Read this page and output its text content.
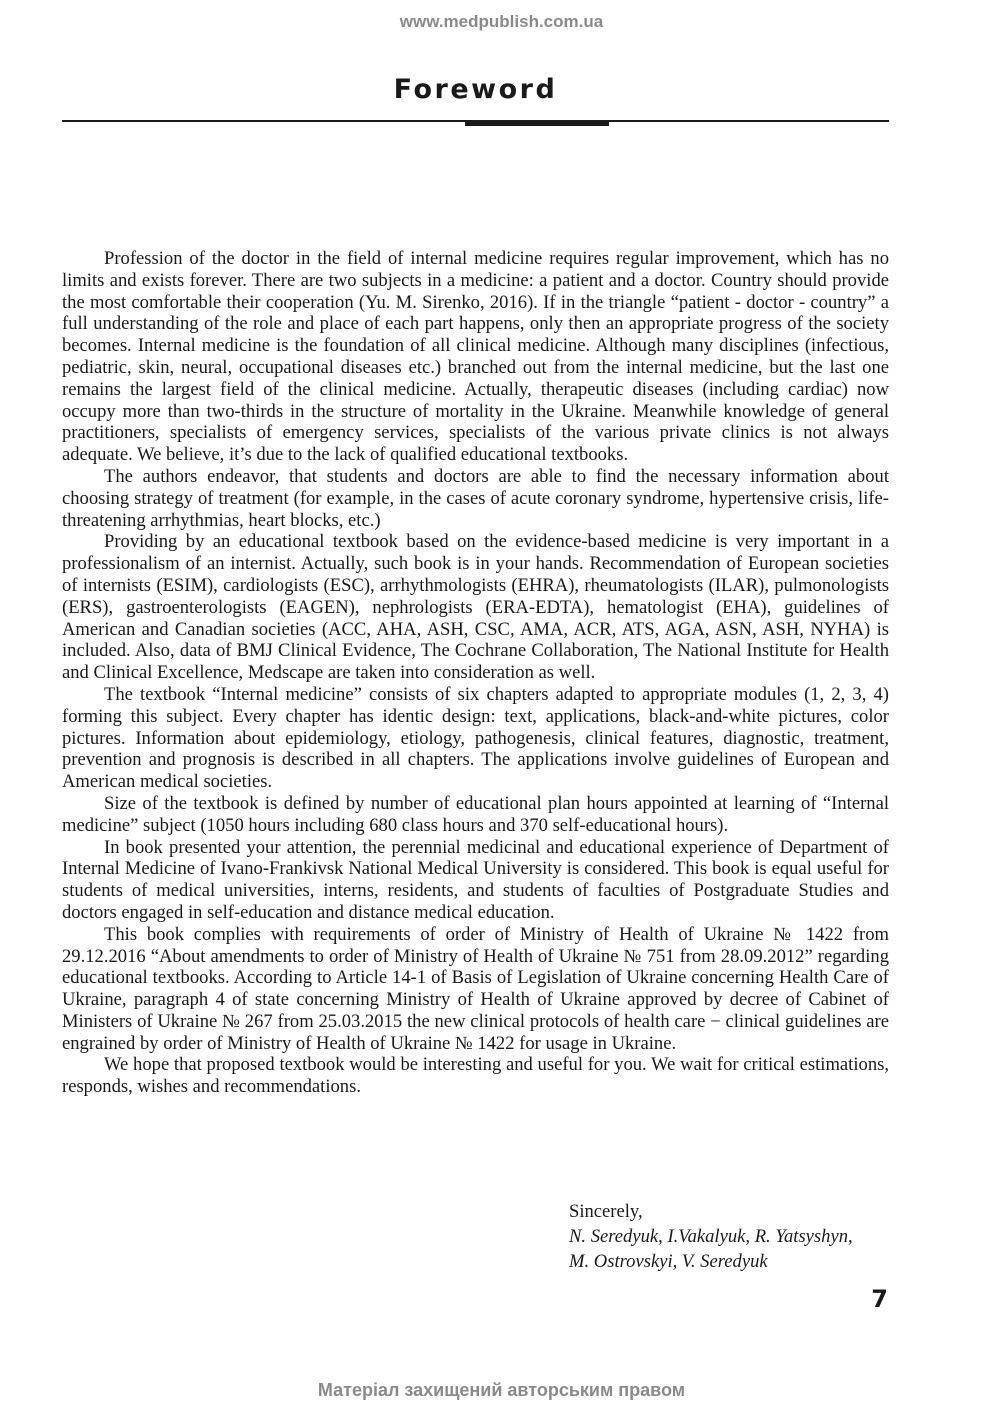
www.medpublish.com.ua
Foreword

Profession of the doctor in the field of internal medicine requires regular improvement, which has no limits and exists forever. There are two subjects in a medicine: a patient and a doctor. Country should provide the most comfortable their cooperation (Yu. M. Sirenko, 2016). If in the triangle “patient - doctor - country” a full understanding of the role and place of each part happens, only then an appropriate progress of the society becomes. Internal medicine is the foundation of all clinical medicine. Although many disciplines (infectious, pediatric, skin, neural, occupational diseases etc.) branched out from the internal medicine, but the last one remains the largest field of the clinical medicine. Actually, therapeutic diseases (including cardiac) now occupy more than two-thirds in the structure of mortality in the Ukraine. Meanwhile knowledge of general practitioners, specialists of emergency services, specialists of the various private clinics is not always adequate. We believe, it’s due to the lack of qualified educational textbooks.

The authors endeavor, that students and doctors are able to find the necessary information about choosing strategy of treatment (for example, in the cases of acute coronary syndrome, hypertensive crisis, life-threatening arrhythmias, heart blocks, etc.)

Providing by an educational textbook based on the evidence-based medicine is very important in a professionalism of an internist. Actually, such book is in your hands. Recommendation of European societies of internists (ESIM), cardiologists (ESC), arrhythmologists (EHRA), rheumatologists (ILAR), pulmonologists (ERS), gastroenterologists (EAGEN), nephrologists (ERA-EDTA), hematologist (EHA), guidelines of American and Canadian societies (ACC, AHA, ASH, CSC, AMA, ACR, ATS, AGA, ASN, ASH, NYHA) is included. Also, data of BMJ Clinical Evidence, The Cochrane Collaboration, The National Institute for Health and Clinical Excellence, Medscape are taken into consideration as well.

The textbook “Internal medicine” consists of six chapters adapted to appropriate modules (1, 2, 3, 4) forming this subject. Every chapter has identic design: text, applications, black-and-white pictures, color pictures. Information about epidemiology, etiology, pathogenesis, clinical features, diagnostic, treatment, prevention and prognosis is described in all chapters. The applications involve guidelines of European and American medical societies.

Size of the textbook is defined by number of educational plan hours appointed at learning of “Internal medicine” subject (1050 hours including 680 class hours and 370 self-educational hours).

In book presented your attention, the perennial medicinal and educational experience of Department of Internal Medicine of Ivano-Frankivsk National Medical University is considered. This book is equal useful for students of medical universities, interns, residents, and students of faculties of Postgraduate Studies and doctors engaged in self-education and distance medical education.

This book complies with requirements of order of Ministry of Health of Ukraine № 1422 from 29.12.2016 “About amendments to order of Ministry of Health of Ukraine № 751 from 28.09.2012” regarding educational textbooks. According to Article 14-1 of Basis of Legislation of Ukraine concerning Health Care of Ukraine, paragraph 4 of state concerning Ministry of Health of Ukraine approved by decree of Cabinet of Ministers of Ukraine № 267 from 25.03.2015 the new clinical protocols of health care − clinical guidelines are engrained by order of Ministry of Health of Ukraine № 1422 for usage in Ukraine.

We hope that proposed textbook would be interesting and useful for you. We wait for critical estimations, responds, wishes and recommendations.

Sincerely,
N. Seredyuk, I.Vakalyuk, R. Yatsyshyn,
M. Ostrovskyi, V. Seredyuk
7
Матеріал захищений авторським правом
